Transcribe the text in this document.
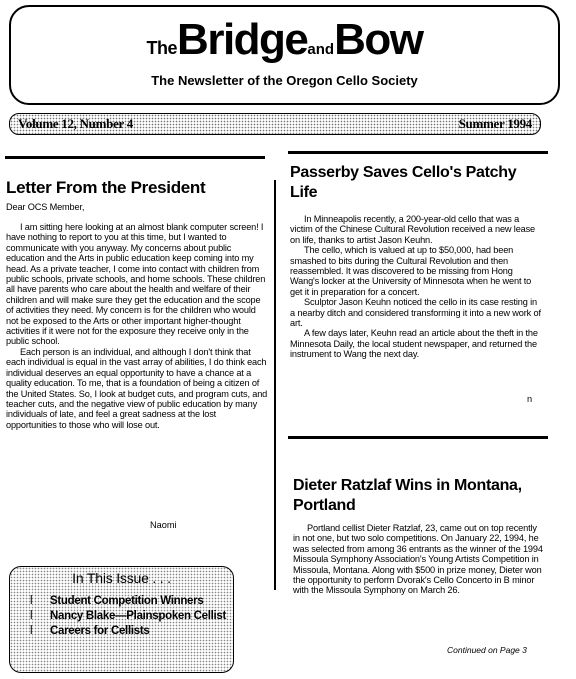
TheBridgeandBow
The Newsletter of the Oregon Cello Society
Volume 12, Number 4	Summer 1994
Letter From the President
Dear OCS Member,

I am sitting here looking at an almost blank computer screen! I have nothing to report to you at this time, but I wanted to communicate with you anyway. My concerns about public education and the Arts in public education keep coming into my head. As a private teacher, I come into contact with children from public schools, private schools, and home schools. These children all have parents who care about the health and welfare of their children and will make sure they get the education and the scope of activities they need. My concern is for the children who would not be exposed to the Arts or other important higher-thought activities if it were not for the exposure they receive only in the public school.

Each person is an individual, and although I don't think that each individual is equal in the vast array of abilities, I do think each individual deserves an equal opportunity to have a chance at a quality education. To me, that is a foundation of being a citizen of the United States. So, I look at budget cuts, and program cuts, and teacher cuts, and the negative view of public education by many individuals of late, and feel a great sadness at the lost opportunities to those who will lose out.

Naomi
Passerby Saves Cello's Patchy Life

In Minneapolis recently, a 200-year-old cello that was a victim of the Chinese Cultural Revolution received a new lease on life, thanks to artist Jason Keuhn.

The cello, which is valued at up to $50,000, had been smashed to bits during the Cultural Revolution and then reassembled. It was discovered to be missing from Hong Wang's locker at the University of Minnesota when he went to get it in preparation for a concert.

Sculptor Jason Keuhn noticed the cello in its case resting in a nearby ditch and considered transforming it into a new work of art.

A few days later, Keuhn read an article about the theft in the Minnesota Daily, the local student newspaper, and returned the instrument to Wang the next day.

n
Dieter Ratzlaf Wins in Montana, Portland

Portland cellist Dieter Ratzlaf, 23, came out on top recently in not one, but two solo competitions. On January 22, 1994, he was selected from among 36 entrants as the winner of the 1994 Missoula Symphony Association's Young Artists Competition in Missoula, Montana. Along with $500 in prize money, Dieter won the opportunity to perform Dvorak's Cello Concerto in B minor with the Missoula Symphony on March 26.

Continued on Page 3
In This Issue . . .
l Student Competition Winners
l Nancy Blake—Plainspoken Cellist
l Careers for Cellists
